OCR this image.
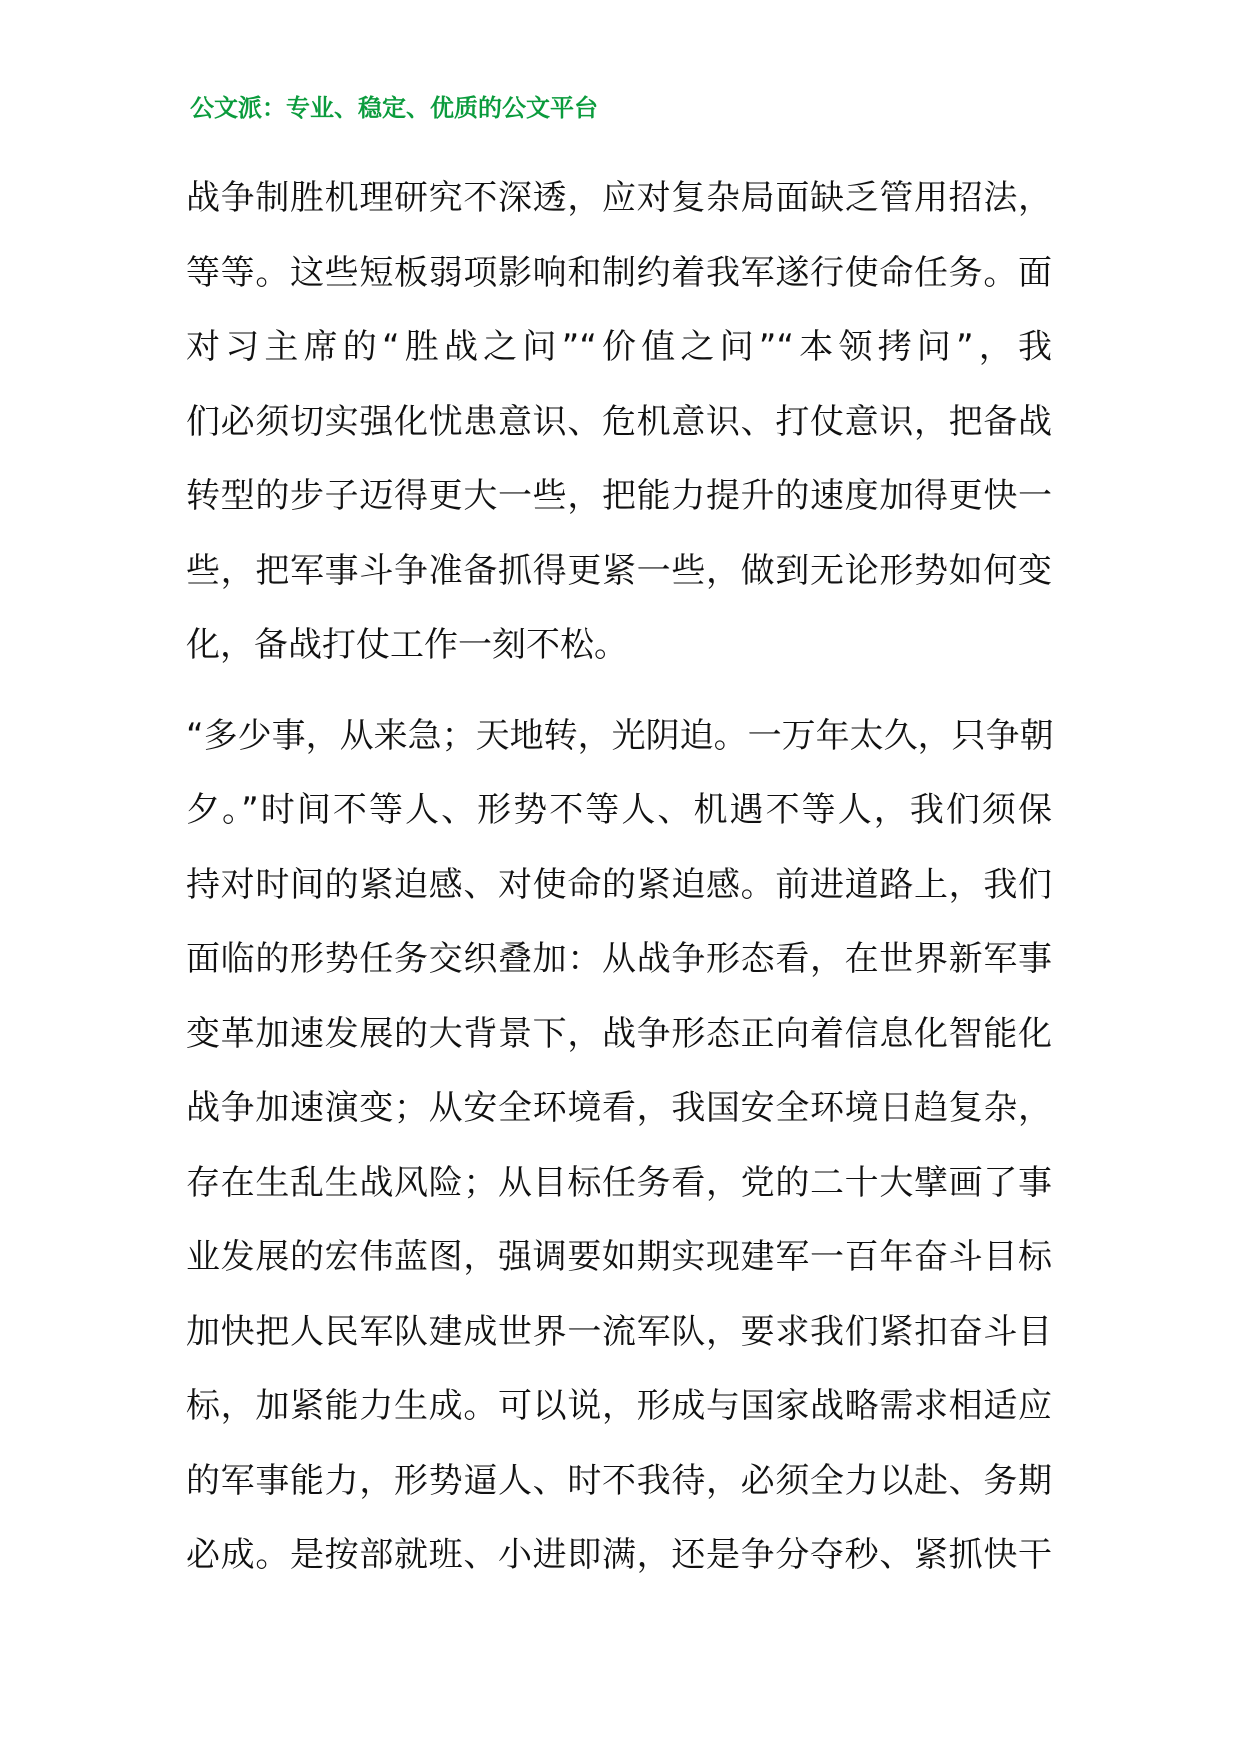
公文派：专业、稳定、优质的公文平台
战争制胜机理研究不深透，应对复杂局面缺乏管用招法，
等等。这些短板弱项影响和制约着我军遂行使命任务。面
对习主席的“胜战之问”“价值之问”“本领拷问”，我
们必须切实强化忧患意识、危机意识、打仗意识，把备战
转型的步子迈得更大一些，把能力提升的速度加得更快一
些，把军事斗争准备抓得更紧一些，做到无论形势如何变
化，备战打仗工作一刻不松。
“多少事，从来急；天地转，光阴迫。一万年太久，只争朝
夕。”时间不等人、形势不等人、机遇不等人，我们须保
持对时间的紧迫感、对使命的紧迫感。前进道路上，我们
面临的形势任务交织叠加：从战争形态看，在世界新军事
变革加速发展的大背景下，战争形态正向着信息化智能化
战争加速演变；从安全环境看，我国安全环境日趋复杂，
存在生乱生战风险；从目标任务看，党的二十大擘画了事
业发展的宏伟蓝图，强调要如期实现建军一百年奋斗目标
加快把人民军队建成世界一流军队，要求我们紧扣奋斗目
标，加紧能力生成。可以说，形成与国家战略需求相适应
的军事能力，形势逼人、时不我待，必须全力以赴、务期
必成。是按部就班、小进即满，还是争分夺秒、紧抓快干
